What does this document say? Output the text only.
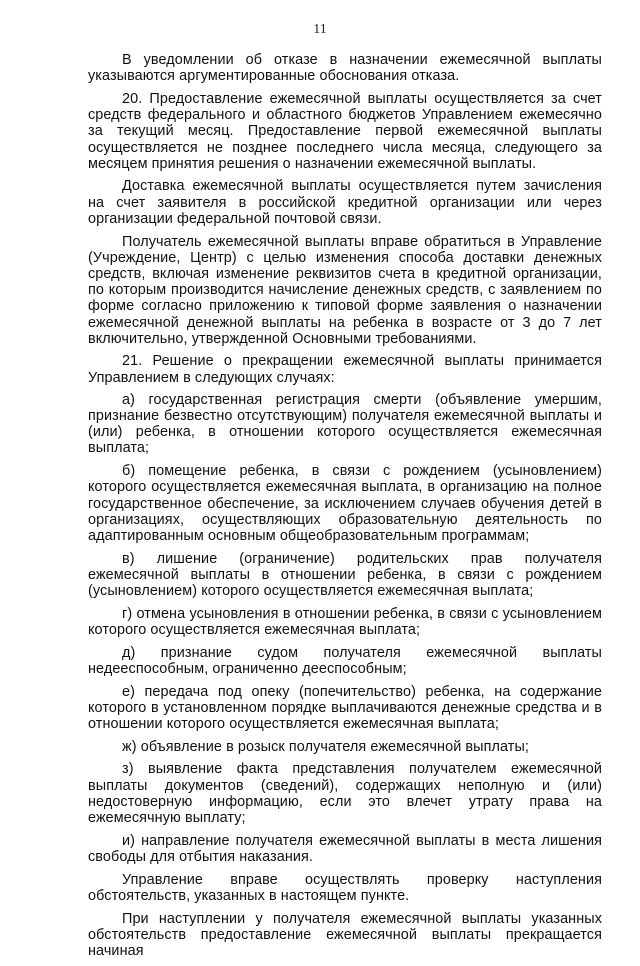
11

В уведомлении об отказе в назначении ежемесячной выплаты указываются аргументированные обоснования отказа.

20. Предоставление ежемесячной выплаты осуществляется за счет средств федерального и областного бюджетов Управлением ежемесячно за текущий месяц. Предоставление первой ежемесячной выплаты осуществляется не позднее последнего числа месяца, следующего за месяцем принятия решения о назначении ежемесячной выплаты.

Доставка ежемесячной выплаты осуществляется путем зачисления на счет заявителя в российской кредитной организации или через организации федеральной почтовой связи.

Получатель ежемесячной выплаты вправе обратиться в Управление (Учреждение, Центр) с целью изменения способа доставки денежных средств, включая изменение реквизитов счета в кредитной организации, по которым производится начисление денежных средств, с заявлением по форме согласно приложению к типовой форме заявления о назначении ежемесячной денежной выплаты на ребенка в возрасте от 3 до 7 лет включительно, утвержденной Основными требованиями.

21. Решение о прекращении ежемесячной выплаты принимается Управлением в следующих случаях:

а) государственная регистрация смерти (объявление умершим, признание безвестно отсутствующим) получателя ежемесячной выплаты и (или) ребенка, в отношении которого осуществляется ежемесячная выплата;

б) помещение ребенка, в связи с рождением (усыновлением) которого осуществляется ежемесячная выплата, в организацию на полное государственное обеспечение, за исключением случаев обучения детей в организациях, осуществляющих образовательную деятельность по адаптированным основным общеобразовательным программам;

в) лишение (ограничение) родительских прав получателя ежемесячной выплаты в отношении ребенка, в связи с рождением (усыновлением) которого осуществляется ежемесячная выплата;

г) отмена усыновления в отношении ребенка, в связи с усыновлением которого осуществляется ежемесячная выплата;

д) признание судом получателя ежемесячной выплаты недееспособным, ограниченно дееспособным;

е) передача под опеку (попечительство) ребенка, на содержание которого в установленном порядке выплачиваются денежные средства и в отношении которого осуществляется ежемесячная выплата;

ж) объявление в розыск получателя ежемесячной выплаты;

з) выявление факта представления получателем ежемесячной выплаты документов (сведений), содержащих неполную и (или) недостоверную информацию, если это влечет утрату права на ежемесячную выплату;

и) направление получателя ежемесячной выплаты в места лишения свободы для отбытия наказания.

Управление вправе осуществлять проверку наступления обстоятельств, указанных в настоящем пункте.

При наступлении у получателя ежемесячной выплаты указанных обстоятельств предоставление ежемесячной выплаты прекращается начиная
